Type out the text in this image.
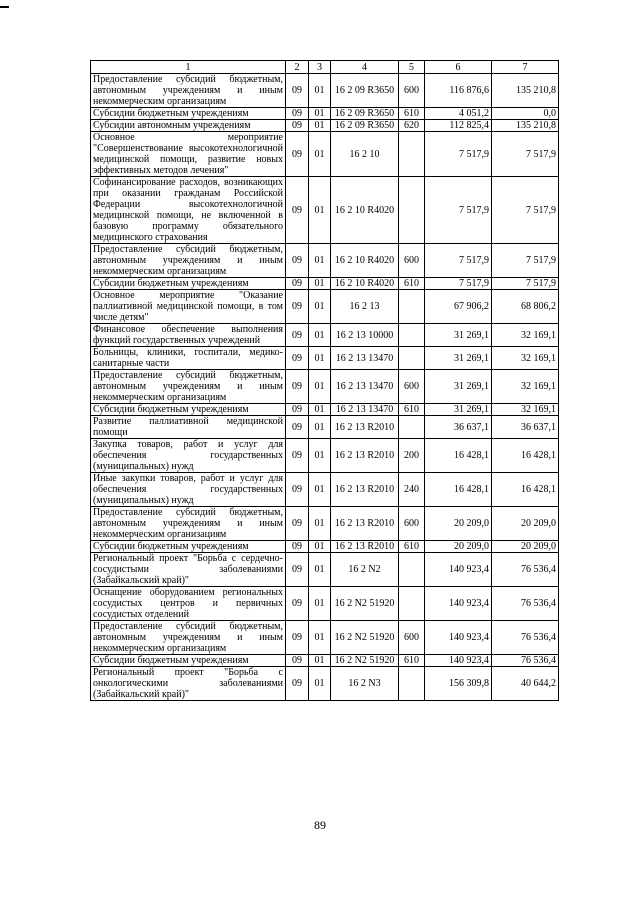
1	2	3	4	5	6	7
Предоставление субсидий бюджетным, автономным учреждениям и иным некоммерческим организациям	09	01	16 2 09 R3650	600	116 876,6	135 210,8
Субсидии бюджетным учреждениям	09	01	16 2 09 R3650	610	4 051,2	0,0
Субсидии автономным учреждениям	09	01	16 2 09 R3650	620	112 825,4	135 210,8
Основное мероприятие "Совершенствование высокотехнологичной медицинской помощи, развитие новых эффективных методов лечения"	09	01	16 2 10		7 517,9	7 517,9
Софинансирование расходов, возникающих при оказании гражданам Российской Федерации высокотехнологичной медицинской помощи, не включенной в базовую программу обязательного медицинского страхования	09	01	16 2 10 R4020		7 517,9	7 517,9
Предоставление субсидий бюджетным, автономным учреждениям и иным некоммерческим организациям	09	01	16 2 10 R4020	600	7 517,9	7 517,9
Субсидии бюджетным учреждениям	09	01	16 2 10 R4020	610	7 517,9	7 517,9
Основное мероприятие "Оказание паллиативной медицинской помощи, в том числе детям"	09	01	16 2 13		67 906,2	68 806,2
Финансовое обеспечение выполнения функций государственных учреждений	09	01	16 2 13 10000		31 269,1	32 169,1
Больницы, клиники, госпитали, медико-санитарные части	09	01	16 2 13 13470		31 269,1	32 169,1
Предоставление субсидий бюджетным, автономным учреждениям и иным некоммерческим организациям	09	01	16 2 13 13470	600	31 269,1	32 169,1
Субсидии бюджетным учреждениям	09	01	16 2 13 13470	610	31 269,1	32 169,1
Развитие паллиативной медицинской помощи	09	01	16 2 13 R2010		36 637,1	36 637,1
Закупка товаров, работ и услуг для обеспечения государственных (муниципальных) нужд	09	01	16 2 13 R2010	200	16 428,1	16 428,1
Иные закупки товаров, работ и услуг для обеспечения государственных (муниципальных) нужд	09	01	16 2 13 R2010	240	16 428,1	16 428,1
Предоставление субсидий бюджетным, автономным учреждениям и иным некоммерческим организациям	09	01	16 2 13 R2010	600	20 209,0	20 209,0
Субсидии бюджетным учреждениям	09	01	16 2 13 R2010	610	20 209,0	20 209,0
Региональный проект "Борьба с сердечно-сосудистыми заболеваниями (Забайкальский край)"	09	01	16 2 N2		140 923,4	76 536,4
Оснащение оборудованием региональных сосудистых центров и первичных сосудистых отделений	09	01	16 2 N2 51920		140 923,4	76 536,4
Предоставление субсидий бюджетным, автономным учреждениям и иным некоммерческим организациям	09	01	16 2 N2 51920	600	140 923,4	76 536,4
Субсидии бюджетным учреждениям	09	01	16 2 N2 51920	610	140 923,4	76 536,4
Региональный проект "Борьба с онкологическими заболеваниями (Забайкальский край)"	09	01	16 2 N3		156 309,8	40 644,2
89
